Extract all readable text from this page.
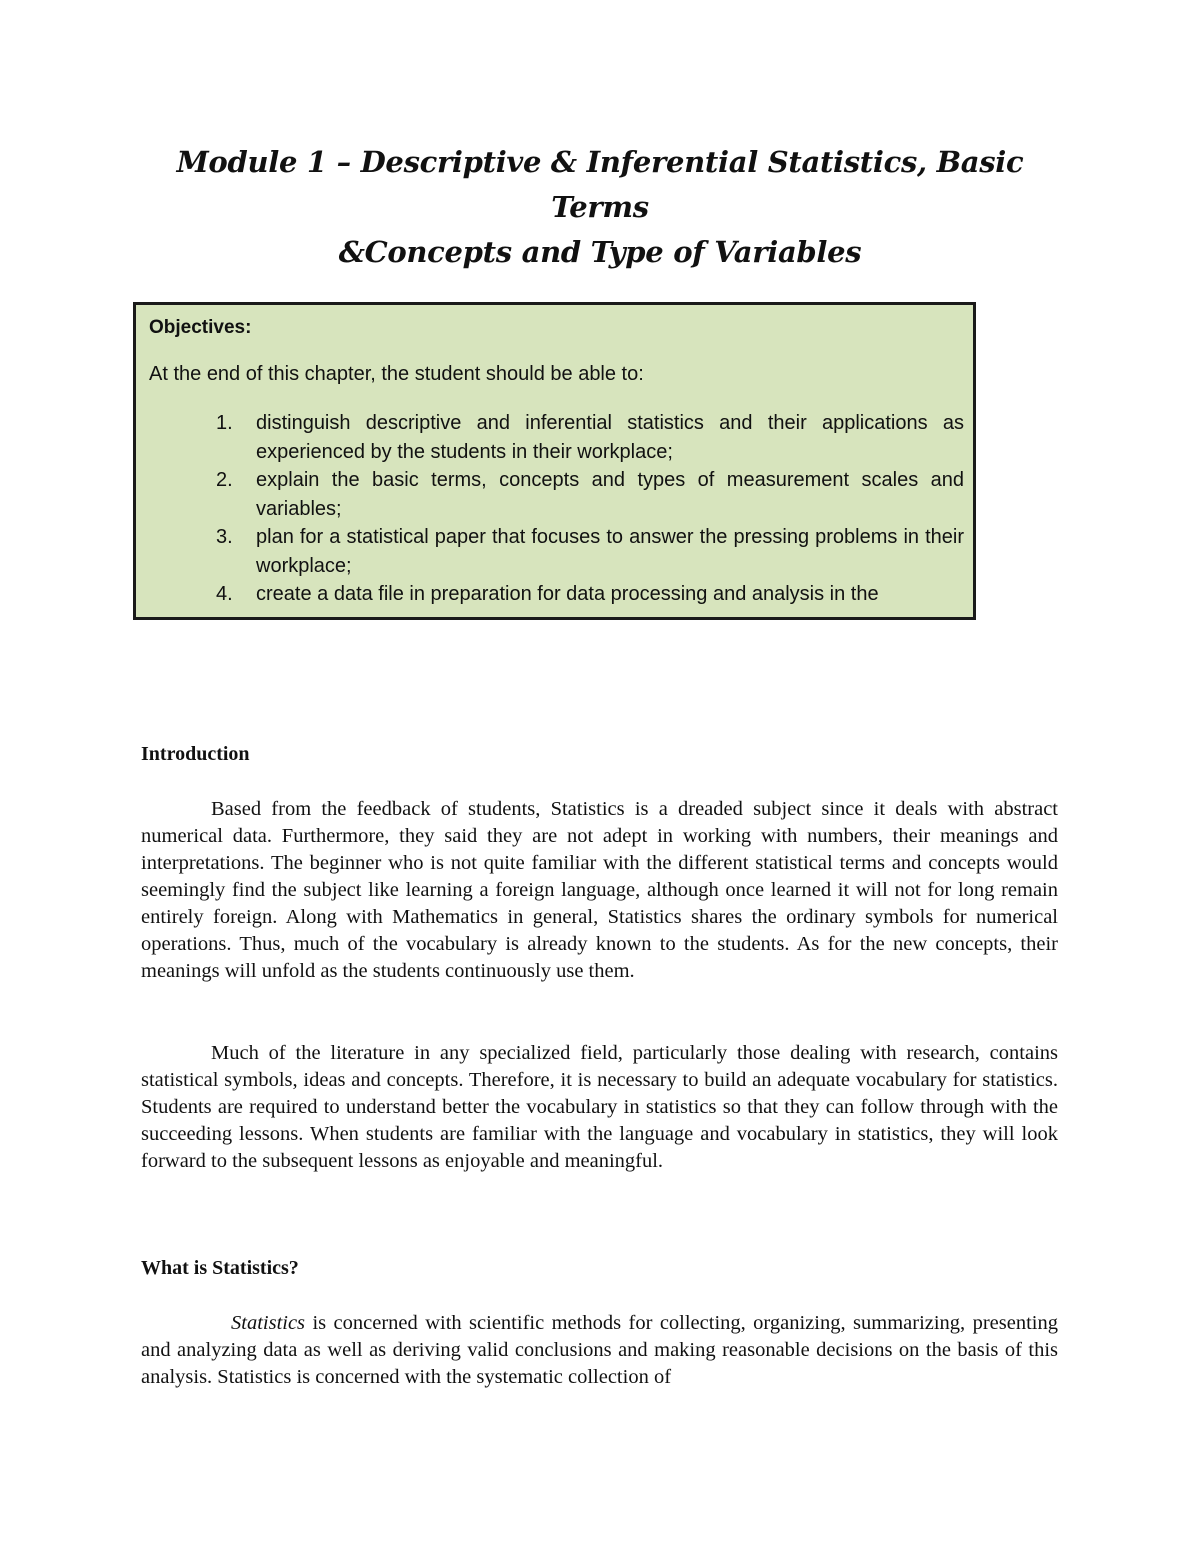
Module 1 – Descriptive & Inferential Statistics, Basic Terms
&Concepts and Type of Variables
Objectives:
At the end of this chapter, the student should be able to:
1. distinguish descriptive and inferential statistics and their applications as experienced by the students in their workplace;
2. explain the basic terms, concepts and types of measurement scales and variables;
3. plan for a statistical paper that focuses to answer the pressing problems in their workplace;
4. create a data file in preparation for data processing and analysis in the
Introduction

Based from the feedback of students, Statistics is a dreaded subject since it deals with abstract numerical data. Furthermore, they said they are not adept in working with numbers, their meanings and interpretations. The beginner who is not quite familiar with the different statistical terms and concepts would seemingly find the subject like learning a foreign language, although once learned it will not for long remain entirely foreign. Along with Mathematics in general, Statistics shares the ordinary symbols for numerical operations. Thus, much of the vocabulary is already known to the students. As for the new concepts, their meanings will unfold as the students continuously use them.

Much of the literature in any specialized field, particularly those dealing with research, contains statistical symbols, ideas and concepts. Therefore, it is necessary to build an adequate vocabulary for statistics. Students are required to understand better the vocabulary in statistics so that they can follow through with the succeeding lessons. When students are familiar with the language and vocabulary in statistics, they will look forward to the subsequent lessons as enjoyable and meaningful.

What is Statistics?

Statistics is concerned with scientific methods for collecting, organizing, summarizing, presenting and analyzing data as well as deriving valid conclusions and making reasonable decisions on the basis of this analysis. Statistics is concerned with the systematic collection of
